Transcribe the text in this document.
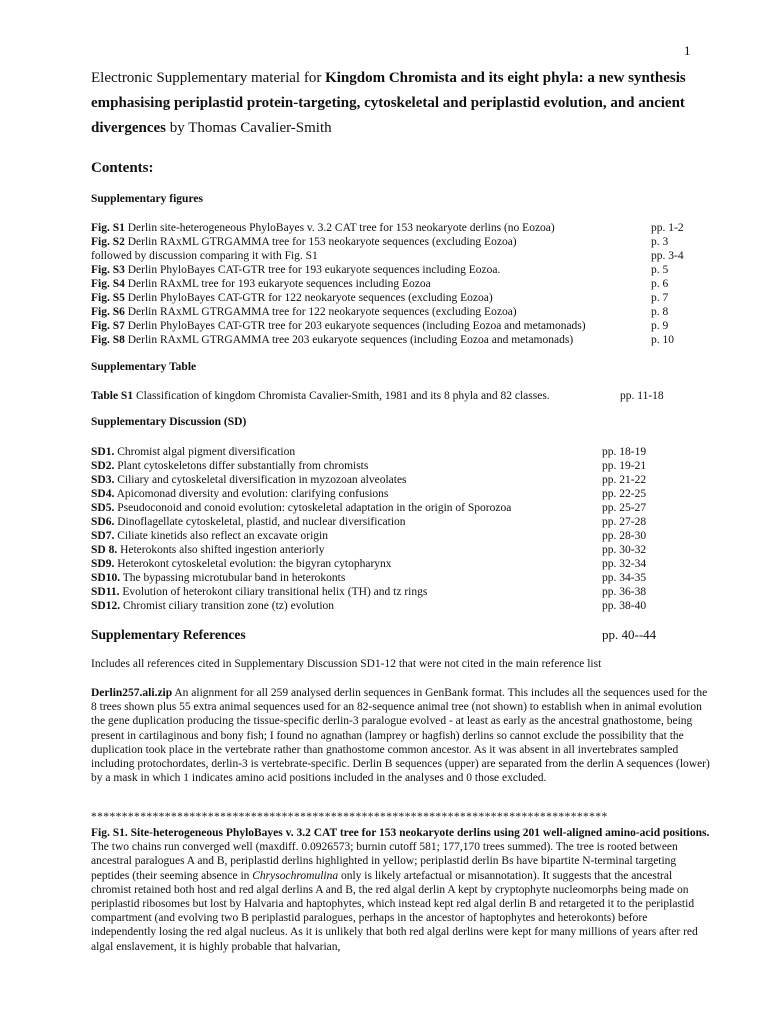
1
Electronic Supplementary material for Kingdom Chromista and its eight phyla: a new synthesis emphasising periplastid protein-targeting, cytoskeletal and periplastid evolution, and ancient divergences by Thomas Cavalier-Smith
Contents:
Supplementary figures
Fig. S1 Derlin site-heterogeneous PhyloBayes v. 3.2 CAT tree for 153 neokaryote derlins (no Eozoa)	pp. 1-2
Fig. S2 Derlin RAxML GTRGAMMA tree for 153 neokaryote sequences (excluding Eozoa)	p. 3
followed by discussion comparing it with Fig. S1	pp. 3-4
Fig. S3 Derlin PhyloBayes CAT-GTR tree for 193 eukaryote sequences including Eozoa.	p. 5
Fig. S4 Derlin RAxML tree for 193 eukaryote sequences including Eozoa	p. 6
Fig. S5 Derlin PhyloBayes CAT-GTR for 122 neokaryote sequences (excluding Eozoa)	p. 7
Fig. S6 Derlin RAxML GTRGAMMA tree for 122 neokaryote sequences (excluding Eozoa)	p. 8
Fig. S7 Derlin PhyloBayes CAT-GTR tree for 203 eukaryote sequences (including Eozoa and metamonads)	p. 9
Fig. S8 Derlin RAxML GTRGAMMA tree 203 eukaryote sequences (including Eozoa and metamonads)	p. 10
Supplementary Table
Table S1 Classification of kingdom Chromista Cavalier-Smith, 1981 and its 8 phyla and 82 classes.	pp. 11-18
Supplementary Discussion (SD)
SD1. Chromist algal pigment diversification	pp. 18-19
SD2. Plant cytoskeletons differ substantially from chromists	pp. 19-21
SD3. Ciliary and cytoskeletal diversification in myzozoan alveolates	pp. 21-22
SD4. Apicomonad diversity and evolution: clarifying confusions	pp. 22-25
SD5. Pseudoconoid and conoid evolution: cytoskeletal adaptation in the origin of Sporozoa	pp. 25-27
SD6. Dinoflagellate cytoskeletal, plastid, and nuclear diversification	pp. 27-28
SD7. Ciliate kinetids also reflect an excavate origin	pp. 28-30
SD 8. Heterokonts also shifted ingestion anteriorly	pp. 30-32
SD9. Heterokont cytoskeletal evolution: the bigyran cytopharynx	pp. 32-34
SD10. The bypassing microtubular band in heterokonts	pp. 34-35
SD11. Evolution of heterokont ciliary transitional helix (TH) and tz rings	pp. 36-38
SD12. Chromist ciliary transition zone (tz) evolution	pp. 38-40
Supplementary References	pp. 40--44
Includes all references cited in Supplementary Discussion SD1-12 that were not cited in the main reference list
Derlin257.ali.zip An alignment for all 259 analysed derlin sequences in GenBank format. This includes all the sequences used for the 8 trees shown plus 55 extra animal sequences used for an 82-sequence animal tree (not shown) to establish when in animal evolution the gene duplication producing the tissue-specific derlin-3 paralogue evolved - at least as early as the ancestral gnathostome, being present in cartilaginous and bony fish; I found no agnathan (lamprey or hagfish) derlins so cannot exclude the possibility that the duplication took place in the vertebrate rather than gnathostome common ancestor. As it was absent in all invertebrates sampled including protochordates, derlin-3 is vertebrate-specific. Derlin B sequences (upper) are separated from the derlin A sequences (lower) by a mask in which 1 indicates amino acid positions included in the analyses and 0 those excluded.
************************************************************************************
Fig. S1. Site-heterogeneous PhyloBayes v. 3.2 CAT tree for 153 neokaryote derlins using 201 well-aligned amino-acid positions. The two chains run converged well (maxdiff. 0.0926573; burnin cutoff 581; 177,170 trees summed). The tree is rooted between ancestral paralogues A and B, periplastid derlins highlighted in yellow; periplastid derlin Bs have bipartite N-terminal targeting peptides (their seeming absence in Chrysochromulina only is likely artefactual or misannotation). It suggests that the ancestral chromist retained both host and red algal derlins A and B, the red algal derlin A kept by cryptophyte nucleomorphs being made on periplastid ribosomes but lost by Halvaria and haptophytes, which instead kept red algal derlin B and retargeted it to the periplastid compartment (and evolving two B periplastid paralogues, perhaps in the ancestor of haptophytes and heterokonts) before independently losing the red algal nucleus. As it is unlikely that both red algal derlins were kept for many millions of years after red algal enslavement, it is highly probable that halvarian,
